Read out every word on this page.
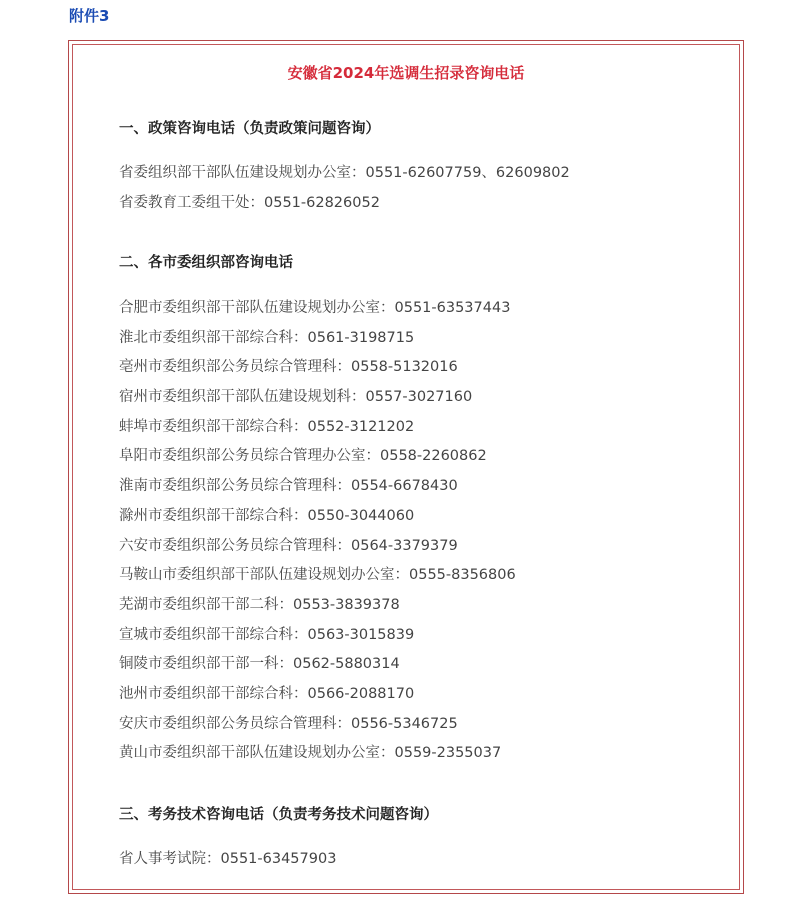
附件3
安徽省2024年选调生招录咨询电话
一、政策咨询电话（负责政策问题咨询）
省委组织部干部队伍建设规划办公室：0551-62607759、62609802
省委教育工委组干处：0551-62826052
二、各市委组织部咨询电话
合肥市委组织部干部队伍建设规划办公室：0551-63537443
淮北市委组织部干部综合科：0561-3198715
亳州市委组织部公务员综合管理科：0558-5132016
宿州市委组织部干部队伍建设规划科：0557-3027160
蚌埠市委组织部干部综合科：0552-3121202
阜阳市委组织部公务员综合管理办公室：0558-2260862
淮南市委组织部公务员综合管理科：0554-6678430
滁州市委组织部干部综合科：0550-3044060
六安市委组织部公务员综合管理科：0564-3379379
马鞍山市委组织部干部队伍建设规划办公室：0555-8356806
芜湖市委组织部干部二科：0553-3839378
宣城市委组织部干部综合科：0563-3015839
铜陵市委组织部干部一科：0562-5880314
池州市委组织部干部综合科：0566-2088170
安庆市委组织部公务员综合管理科：0556-5346725
黄山市委组织部干部队伍建设规划办公室：0559-2355037
三、考务技术咨询电话（负责考务技术问题咨询）
省人事考试院：0551-63457903
